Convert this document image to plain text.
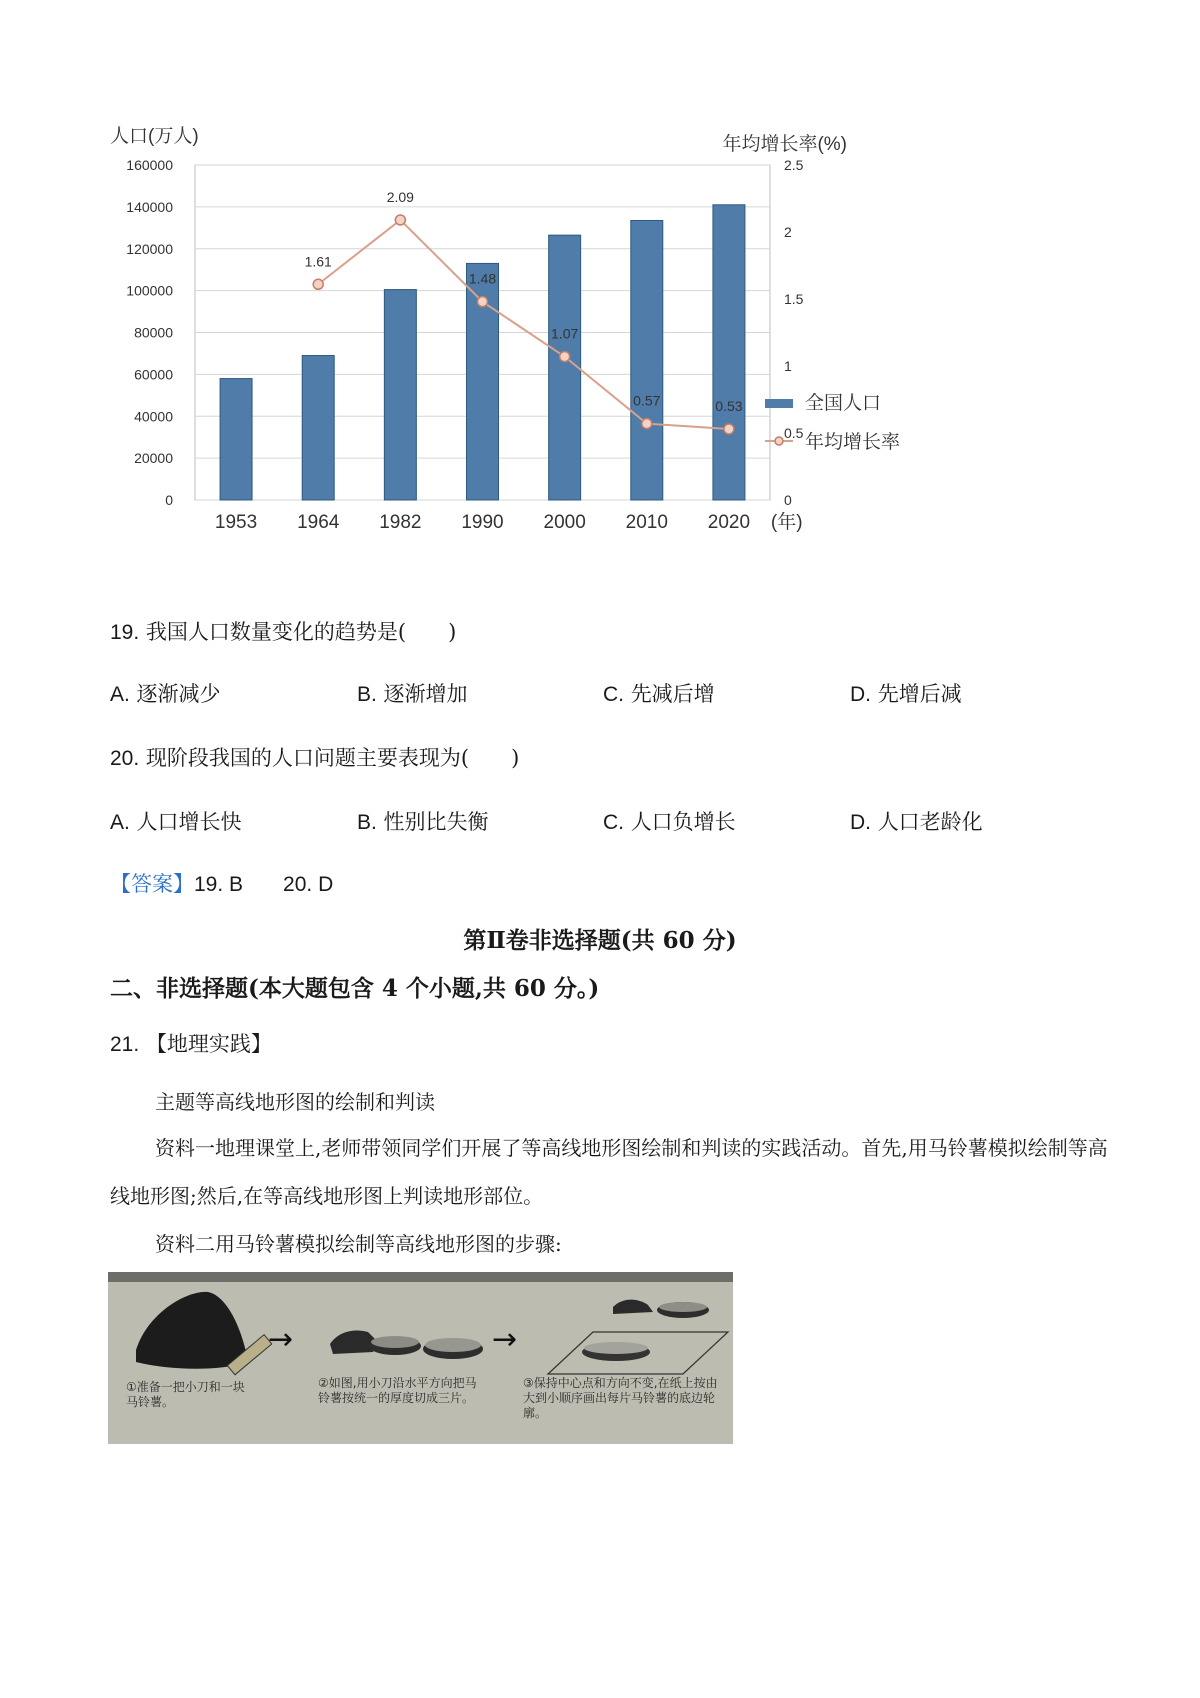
0
20000
40000
60000
80000
100000
120000
140000
160000
0
0.5
1
1.5
2
2.5
人口(万人)	年均增长率(%)
1953 1964 1982 1990 2000 2010 2020 (年)
1.61
2.09
1.48
1.07
0.57	0.53	全国人口
年均增长率
19. 我国人口数量变化的趋势是(　　)
A. 逐渐减少	B. 逐渐增加	C. 先减后增	D. 先增后减
20. 现阶段我国的人口问题主要表现为(　　)
A. 人口增长快	B. 性别比失衡	C. 人口负增长	D. 人口老龄化
【答案】19. B 20. D
第Ⅱ卷非选择题(共 60 分)
二、非选择题(本大题包含 4 个小题,共 60 分。)
21. 【地理实践】
主题等高线地形图的绘制和判读
资料一地理课堂上,老师带领同学们开展了等高线地形图绘制和判读的实践活动。首先,用马铃薯模拟绘制等高线地形图;然后,在等高线地形图上判读地形部位。
资料二用马铃薯模拟绘制等高线地形图的步骤:
→	→
①准备一把小刀和一块马铃薯。
②如图,用小刀沿水平方向把马铃薯按统一的厚度切成三片。
③保持中心点和方向不变,在纸上按由大到小顺序画出每片马铃薯的底边轮廓。
